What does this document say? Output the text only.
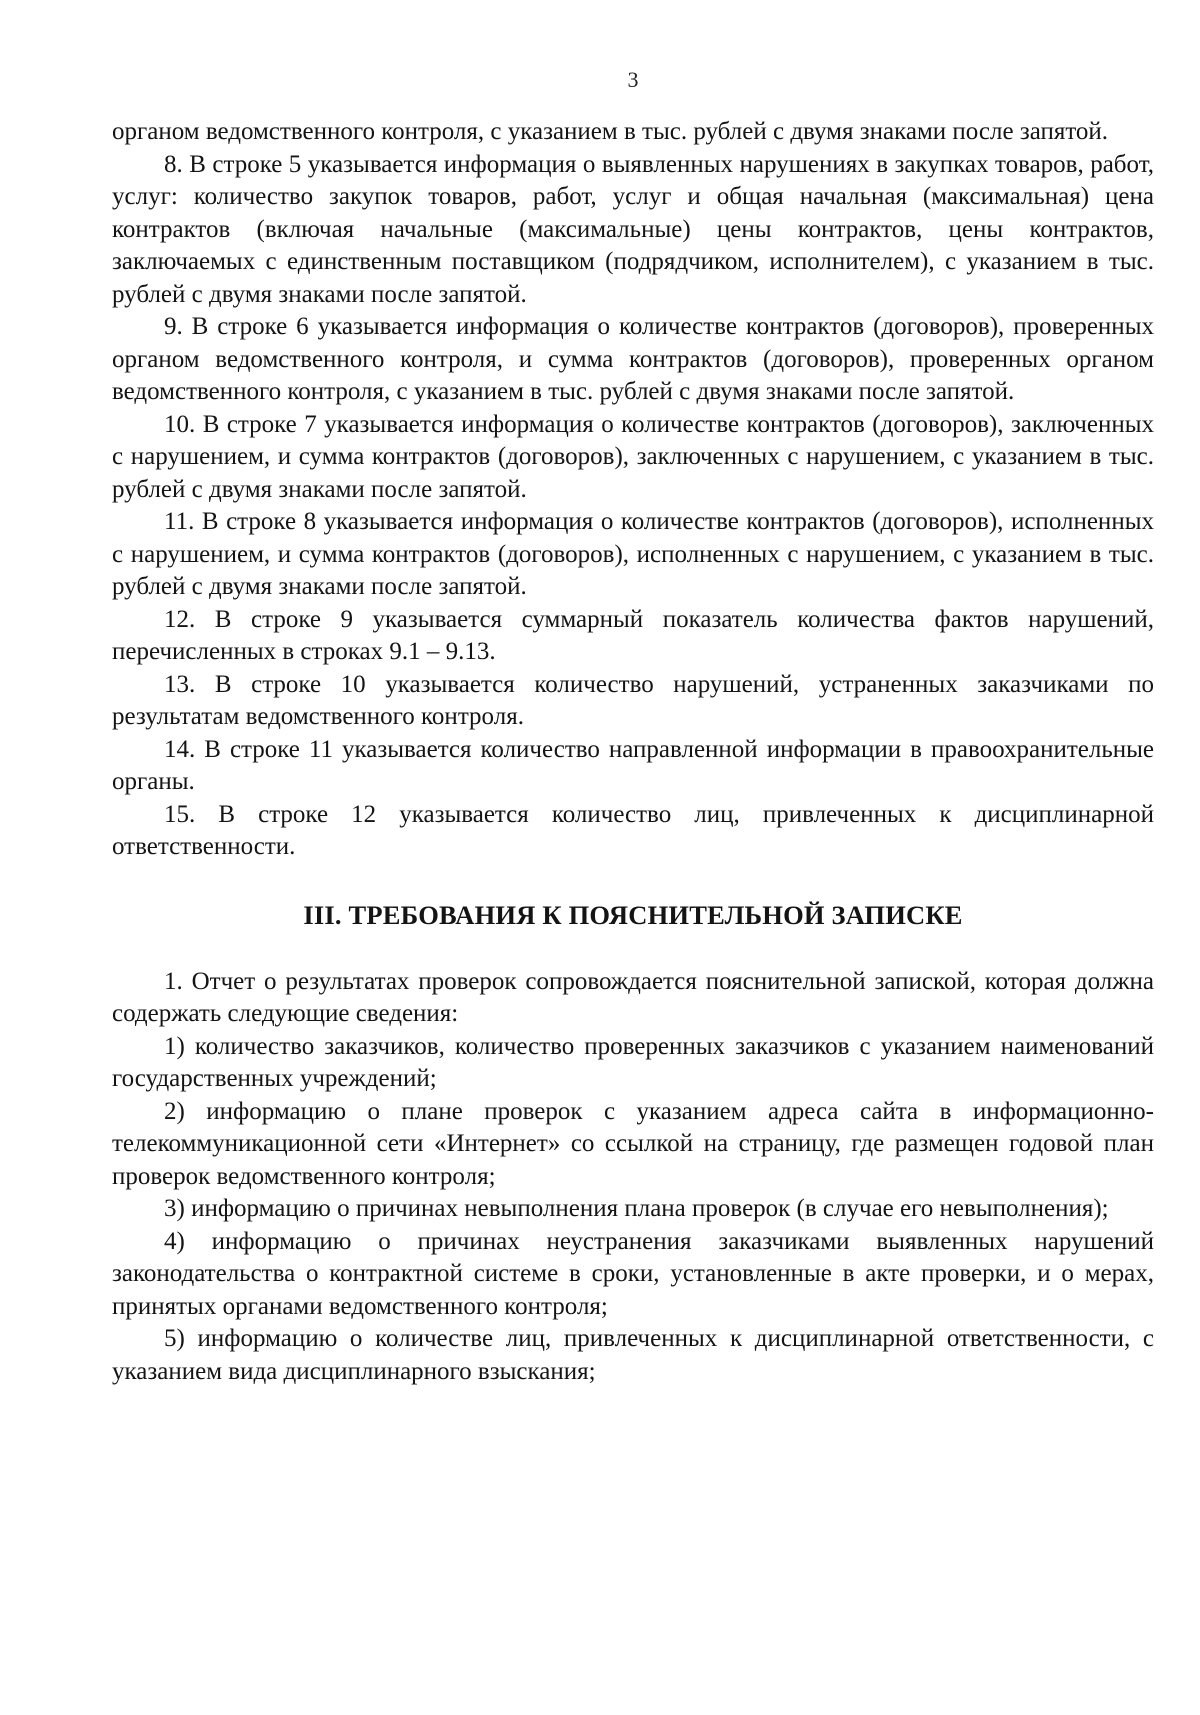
3

органом ведомственного контроля, с указанием в тыс. рублей с двумя знаками после запятой.

8. В строке 5 указывается информация о выявленных нарушениях в закупках товаров, работ, услуг: количество закупок товаров, работ, услуг и общая начальная (максимальная) цена контрактов (включая начальные (максимальные) цены контрактов, цены контрактов, заключаемых с единственным поставщиком (подрядчиком, исполнителем), с указанием в тыс. рублей с двумя знаками после запятой.

9. В строке 6 указывается информация о количестве контрактов (договоров), проверенных органом ведомственного контроля, и сумма контрактов (договоров), проверенных органом ведомственного контроля, с указанием в тыс. рублей с двумя знаками после запятой.

10. В строке 7 указывается информация о количестве контрактов (договоров), заключенных с нарушением, и сумма контрактов (договоров), заключенных с нарушением, с указанием в тыс. рублей с двумя знаками после запятой.

11. В строке 8 указывается информация о количестве контрактов (договоров), исполненных с нарушением, и сумма контрактов (договоров), исполненных с нарушением, с указанием в тыс. рублей с двумя знаками после запятой.

12. В строке 9 указывается суммарный показатель количества фактов нарушений, перечисленных в строках 9.1 – 9.13.

13. В строке 10 указывается количество нарушений, устраненных заказчиками по результатам ведомственного контроля.

14. В строке 11 указывается количество направленной информации в правоохранительные органы.

15. В строке 12 указывается количество лиц, привлеченных к дисциплинарной ответственности.

III. ТРЕБОВАНИЯ К ПОЯСНИТЕЛЬНОЙ ЗАПИСКЕ

1. Отчет о результатах проверок сопровождается пояснительной запиской, которая должна содержать следующие сведения:

1) количество заказчиков, количество проверенных заказчиков с указанием наименований государственных учреждений;

2) информацию о плане проверок с указанием адреса сайта в информационно-телекоммуникационной сети «Интернет» со ссылкой на страницу, где размещен годовой план проверок ведомственного контроля;

3) информацию о причинах невыполнения плана проверок (в случае его невыполнения);

4) информацию о причинах неустранения заказчиками выявленных нарушений законодательства о контрактной системе в сроки, установленные в акте проверки, и о мерах, принятых органами ведомственного контроля;

5) информацию о количестве лиц, привлеченных к дисциплинарной ответственности, с указанием вида дисциплинарного взыскания;
